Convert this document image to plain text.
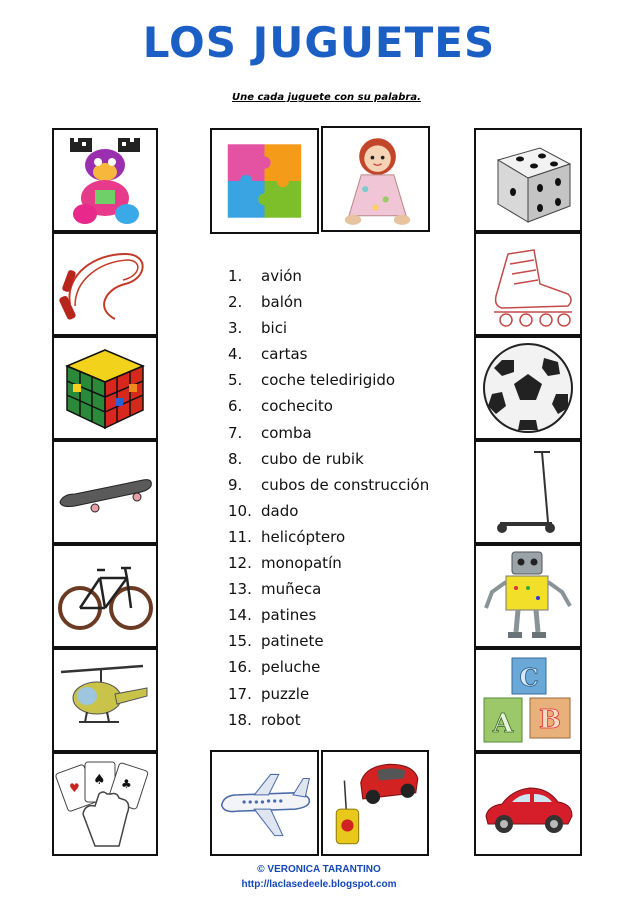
LOS JUGUETES
Une cada juguete con su palabra.
♠
♥	♣
1.	avión
2.	balón
3.	bici
4.	cartas
5.	coche teledirigido
6.	cochecito
7.	comba
8.	cubo de rubik
9.	cubos de construcción
10. dado
11. helicóptero
12. monopatín
13. muñeca
14. patines
15. patinete
16. peluche
17. puzzle
18. robot
C
A B
© VERONICA TARANTINO
http://laclasedeele.blogspot.com
